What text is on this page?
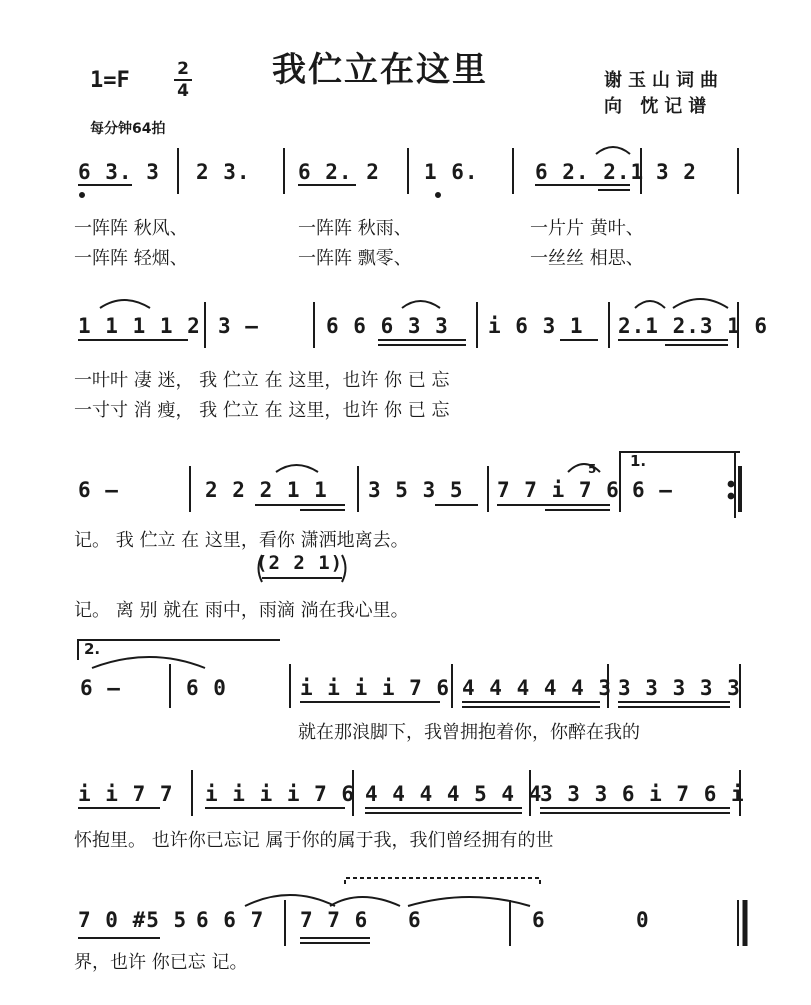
我伫立在这里
1=F	2
4
每分钟64拍
谢玉山词曲
向 忱记谱
6 3. 3 2 3. 6 2. 2 1 6.	6 2. 2.1 3 2
一阵阵 秋风、	一阵阵 秋雨、	一片片 黄叶、
一阵阵 轻烟、	一阵阵 飘零、	一丝丝 相思、
1 1 1 1 2 3 –	6 6 6 3 3 i 6 3 1 2.1 2.3 1 6
一叶叶 凄 迷， 我 伫立 在 这里，也许 你 已 忘
一寸寸 消 瘦， 我 伫立 在 这里，也许 你 已 忘
1.
5
6 –	2 2 2 1 1 3 5 3 5 7 7 i 7 6 6 –
记。 我 伫立 在 这里，看你 潇洒地离去。
(2 2 1)
记。 离 别 就在 雨中，雨滴 淌在我心里。
2.
6 –	6 0	i i i i 7 6 4 4 4 4 4 3 3 3 3 3 3
就在那浪脚下，我曾拥抱着你，你醉在我的
i i 7 7 i i i i 7 6 4 4 4 4 5 4 4
3 3 3 6 i 7 6 i
怀抱里。 也许你已忘记 属于你的属于我，我们曾经拥有的世
7 0 #5 5 6 6 7 7 7 6 6	6	0
界，也许 你已忘 记。
